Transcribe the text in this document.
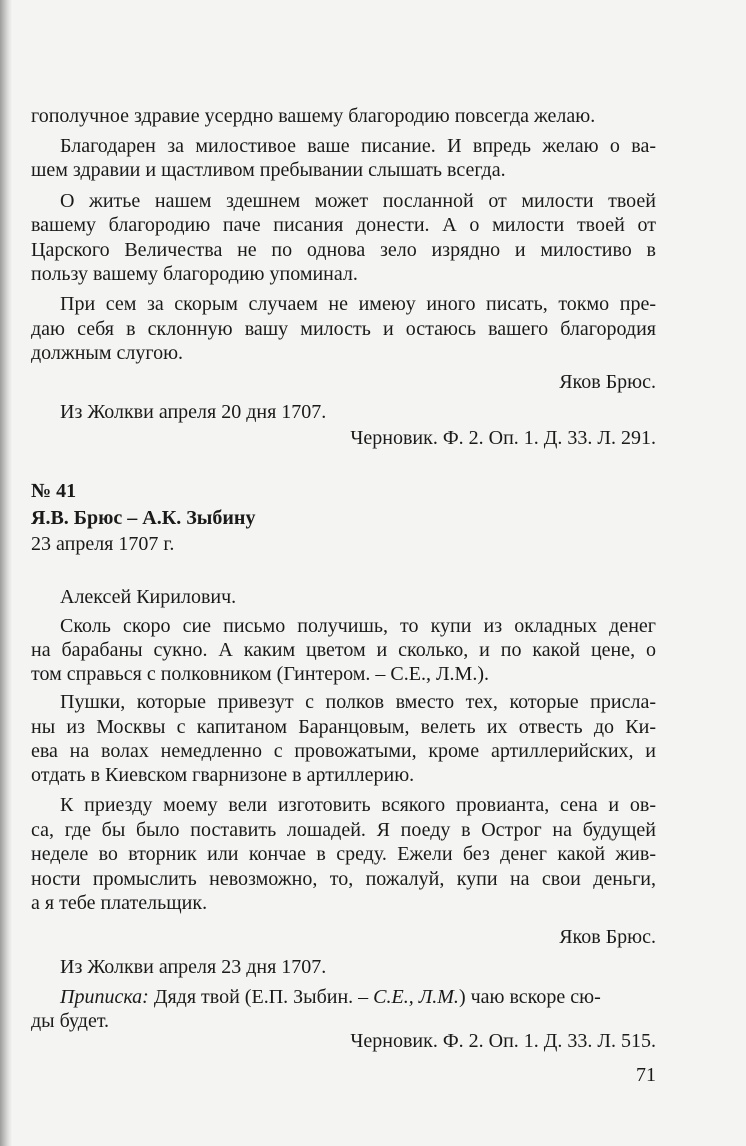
гополучное здравие усердно вашему благородию повсегда желаю.
Благодарен за милостивое ваше писание. И впредь желаю о ва-
шем здравии и щастливом пребывании слышать всегда.
О житье нашем здешнем может посланной от милости твоей
вашему благородию паче писания донести. А о милости твоей от
Царского Величества не по однова зело изрядно и милостиво в
пользу вашему благородию упоминал.
При сем за скорым случаем не имеюу иного писать, токмо пре-
даю себя в склонную вашу милость и остаюсь вашего благородия
должным слугою.
Яков Брюс.
Из Жолкви апреля 20 дня 1707.
Черновик. Ф. 2. Оп. 1. Д. 33. Л. 291.
№ 41
Я.В. Брюс – А.К. Зыбину
23 апреля 1707 г.
Алексей Кирилович.
Сколь скоро сие письмо получишь, то купи из окладных денег
на барабаны сукно. А каким цветом и сколько, и по какой цене, о
том справься с полковником (Гинтером. – С.Е., Л.М.).
Пушки, которые привезут с полков вместо тех, которые присла-
ны из Москвы с капитаном Баранцовым, велеть их отвесть до Ки-
ева на волах немедленно с провожатыми, кроме артиллерийских, и
отдать в Киевском гварнизоне в артиллерию.
К приезду моему вели изготовить всякого провианта, сена и ов-
са, где бы было поставить лошадей. Я поеду в Острог на будущей
неделе во вторник или кончае в среду. Ежели без денег какой жив-
ности промыслить невозможно, то, пожалуй, купи на свои деньги,
а я тебе плательщик.
Яков Брюс.
Из Жолкви апреля 23 дня 1707.
Приписка: Дядя твой (Е.П. Зыбин. – С.Е., Л.М.) чаю вскоре сю-
ды будет.
Черновик. Ф. 2. Оп. 1. Д. 33. Л. 515.
71
